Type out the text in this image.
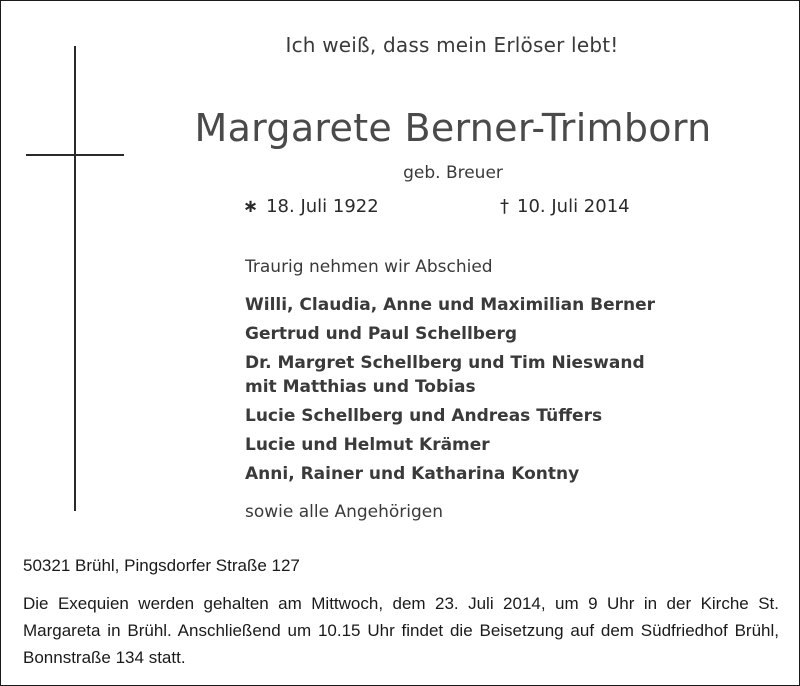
Ich weiß, dass mein Erlöser lebt!
Margarete Berner-Trimborn
geb. Breuer
∗ 18. Juli 1922	† 10. Juli 2014
Traurig nehmen wir Abschied
Willi, Claudia, Anne und Maximilian Berner
Gertrud und Paul Schellberg
Dr. Margret Schellberg und Tim Nieswand
mit Matthias und Tobias
Lucie Schellberg und Andreas Tüffers
Lucie und Helmut Krämer
Anni, Rainer und Katharina Kontny
sowie alle Angehörigen
50321 Brühl, Pingsdorfer Straße 127
Die Exequien werden gehalten am Mittwoch, dem 23. Juli 2014, um 9 Uhr in der Kirche St. Margareta in Brühl. Anschließend um 10.15 Uhr findet die Beisetzung auf dem Südfriedhof Brühl, Bonnstraße 134 statt.
